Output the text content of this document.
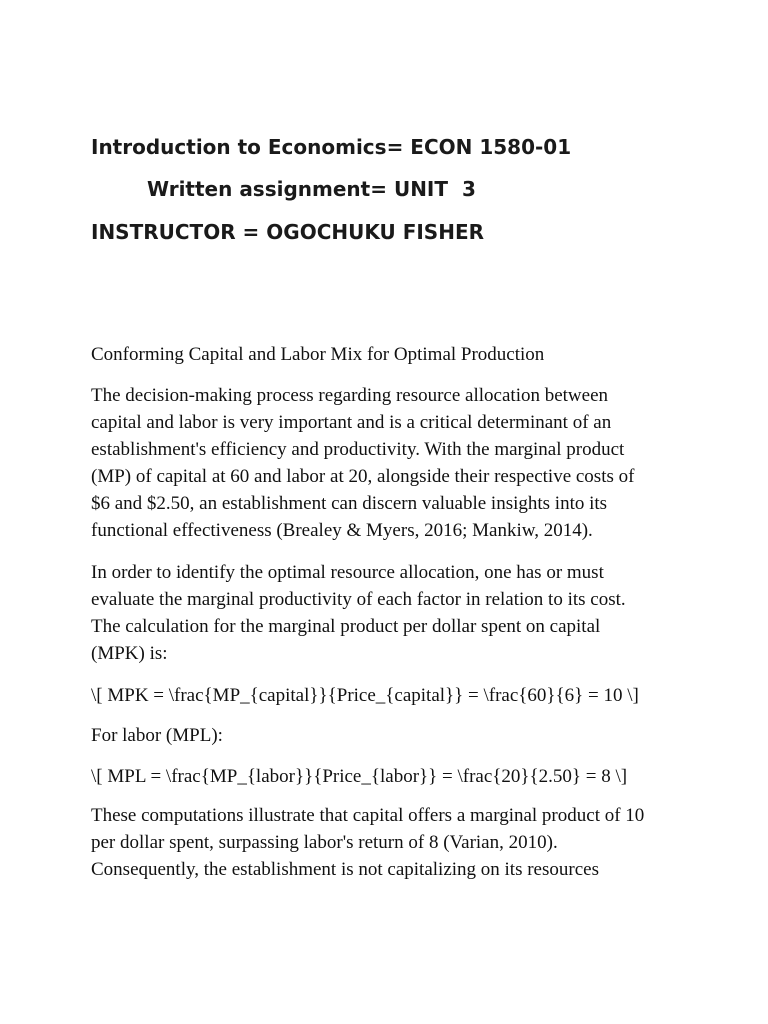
Introduction to Economics= ECON 1580-01
Written assignment= UNIT  3
INSTRUCTOR = OGOCHUKU FISHER

Conforming Capital and Labor Mix for Optimal Production

The decision-making process regarding resource allocation between
capital and labor is very important and is a critical determinant of an
establishment's efficiency and productivity. With the marginal product
(MP) of capital at 60 and labor at 20, alongside their respective costs of
$6 and $2.50, an establishment can discern valuable insights into its
functional effectiveness (Brealey & Myers, 2016; Mankiw, 2014).

In order to identify the optimal resource allocation, one has or must
evaluate the marginal productivity of each factor in relation to its cost.
The calculation for the marginal product per dollar spent on capital
(MPK) is:

\[ MPK = \frac{MP_{capital}}{Price_{capital}} = \frac{60}{6} = 10 \]

For labor (MPL):

\[ MPL = \frac{MP_{labor}}{Price_{labor}} = \frac{20}{2.50} = 8 \]

These computations illustrate that capital offers a marginal product of 10
per dollar spent, surpassing labor's return of 8 (Varian, 2010).
Consequently, the establishment is not capitalizing on its resources
